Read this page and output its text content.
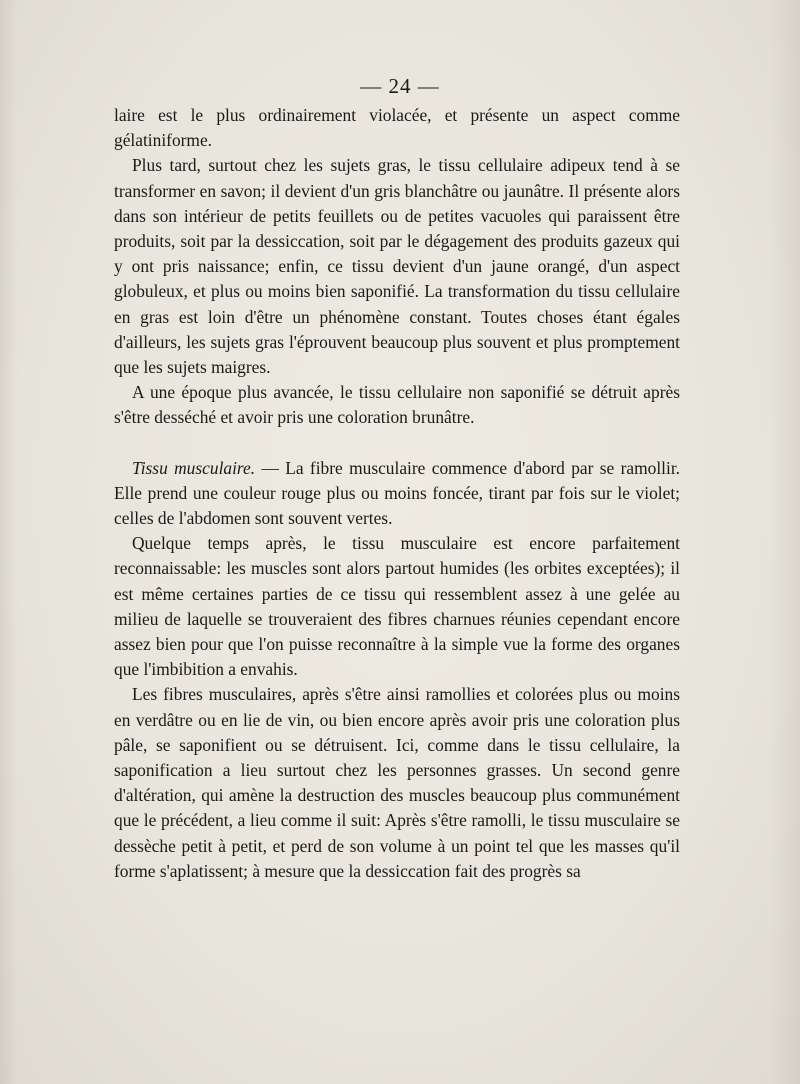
— 24 —

laire est le plus ordinairement violacée, et présente un aspect comme gélatiniforme.

Plus tard, surtout chez les sujets gras, le tissu cellulaire adipeux tend à se transformer en savon; il devient d'un gris blanchâtre ou jaunâtre. Il présente alors dans son intérieur de petits feuillets ou de petites vacuoles qui paraissent être produits, soit par la dessiccation, soit par le dégagement des produits gazeux qui y ont pris naissance; enfin, ce tissu devient d'un jaune orangé, d'un aspect globuleux, et plus ou moins bien saponifié. La transformation du tissu cellulaire en gras est loin d'être un phénomène constant. Toutes choses étant égales d'ailleurs, les sujets gras l'éprouvent beaucoup plus souvent et plus promptement que les sujets maigres.

A une époque plus avancée, le tissu cellulaire non saponifié se détruit après s'être desséché et avoir pris une coloration brunâtre.

Tissu musculaire. — La fibre musculaire commence d'abord par se ramollir. Elle prend une couleur rouge plus ou moins foncée, tirant par fois sur le violet; celles de l'abdomen sont souvent vertes.

Quelque temps après, le tissu musculaire est encore parfaitement reconnaissable: les muscles sont alors partout humides (les orbites exceptées); il est même certaines parties de ce tissu qui ressemblent assez à une gelée au milieu de laquelle se trouveraient des fibres charnues réunies cependant encore assez bien pour que l'on puisse reconnaître à la simple vue la forme des organes que l'imbibition a envahis.

Les fibres musculaires, après s'être ainsi ramollies et colorées plus ou moins en verdâtre ou en lie de vin, ou bien encore après avoir pris une coloration plus pâle, se saponifient ou se détruisent. Ici, comme dans le tissu cellulaire, la saponification a lieu surtout chez les personnes grasses. Un second genre d'altération, qui amène la destruction des muscles beaucoup plus communément que le précédent, a lieu comme il suit: Après s'être ramolli, le tissu musculaire se dessèche petit à petit, et perd de son volume à un point tel que les masses qu'il forme s'aplatissent; à mesure que la dessiccation fait des progrès sa
